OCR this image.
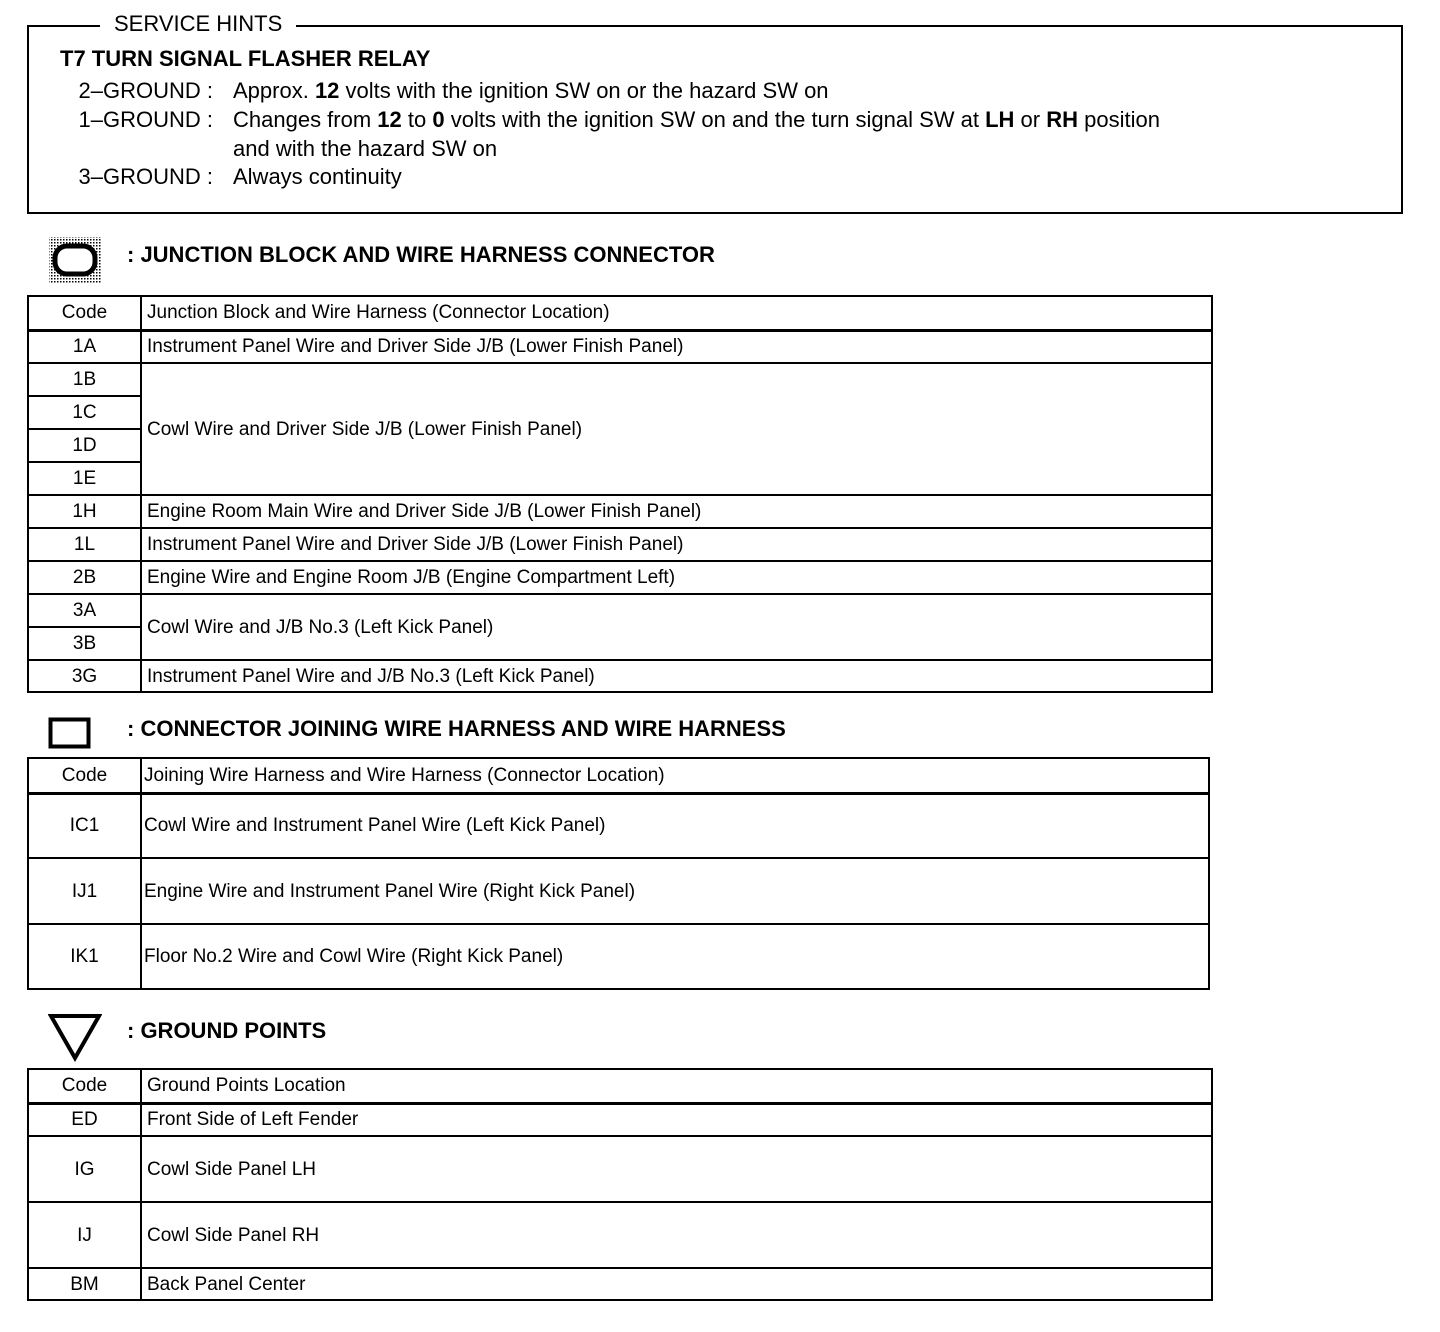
SERVICE HINTS
T7 TURN SIGNAL FLASHER RELAY
2–GROUND : Approx. 12 volts with the ignition SW on or the hazard SW on
1–GROUND : Changes from 12 to 0 volts with the ignition SW on and the turn signal SW at LH or RH position
and with the hazard SW on
3–GROUND : Always continuity
: JUNCTION BLOCK AND WIRE HARNESS CONNECTOR
Code	Junction Block and Wire Harness (Connector Location)
1A	Instrument Panel Wire and Driver Side J/B (Lower Finish Panel)
1B	Cowl Wire and Driver Side J/B (Lower Finish Panel)
1C	
1D	
1E	
1H	Engine Room Main Wire and Driver Side J/B (Lower Finish Panel)
1L	Instrument Panel Wire and Driver Side J/B (Lower Finish Panel)
2B	Engine Wire and Engine Room J/B (Engine Compartment Left)
3A	Cowl Wire and J/B No.3 (Left Kick Panel)
3B	
3G	Instrument Panel Wire and J/B No.3 (Left Kick Panel)
: CONNECTOR JOINING WIRE HARNESS AND WIRE HARNESS
Code	Joining Wire Harness and Wire Harness (Connector Location)
IC1	Cowl Wire and Instrument Panel Wire (Left Kick Panel)
IJ1	Engine Wire and Instrument Panel Wire (Right Kick Panel)
IK1	Floor No.2 Wire and Cowl Wire (Right Kick Panel)
: GROUND POINTS
Code	Ground Points Location
ED	Front Side of Left Fender
IG	Cowl Side Panel LH
IJ	Cowl Side Panel RH
BM	Back Panel Center
